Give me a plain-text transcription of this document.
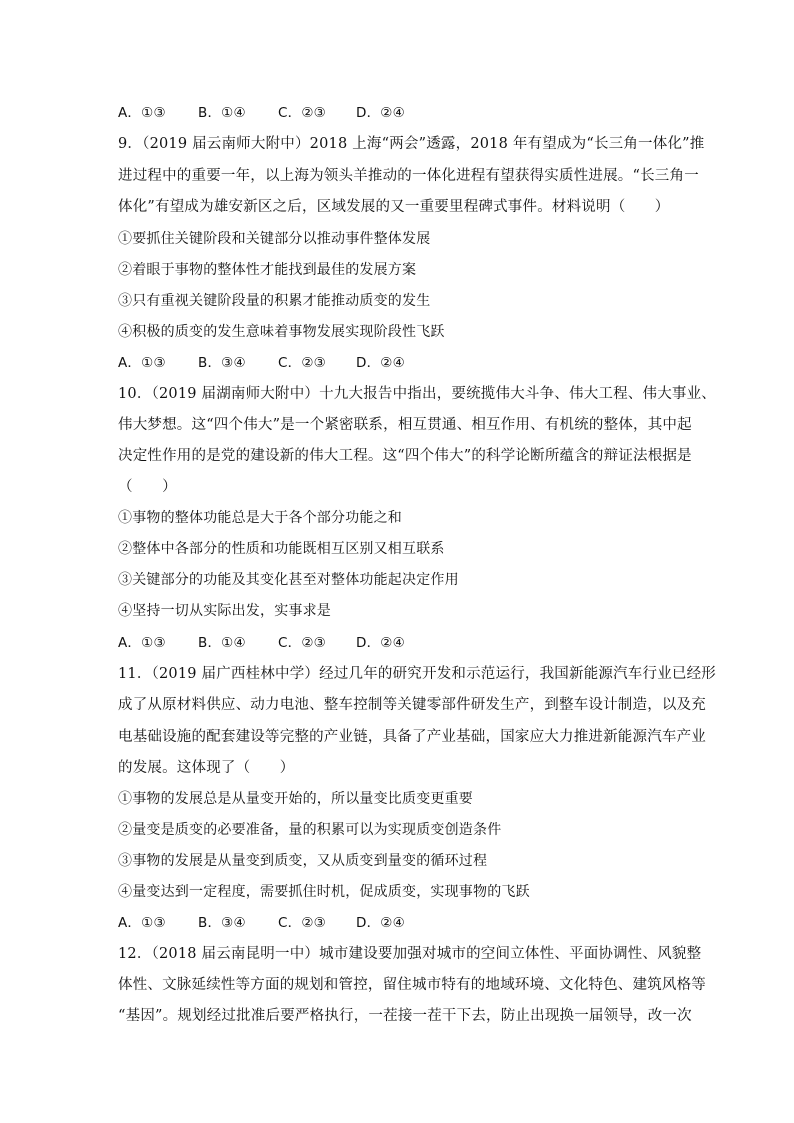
A．①③ B．①④ C．②③ D．②④
9．（2019 届云南师大附中）2018 上海“两会”透露，2018 年有望成为“长三角一体化”推
进过程中的重要一年，以上海为领头羊推动的一体化进程有望获得实质性进展。“长三角一
体化”有望成为雄安新区之后，区域发展的又一重要里程碑式事件。材料说明（　　）
①要抓住关键阶段和关键部分以推动事件整体发展
②着眼于事物的整体性才能找到最佳的发展方案
③只有重视关键阶段量的积累才能推动质变的发生
④积极的质变的发生意味着事物发展实现阶段性飞跃
A．①③ B．③④ C．②③ D．②④
10．（2019 届湖南师大附中）十九大报告中指出，要统揽伟大斗争、伟大工程、伟大事业、
伟大梦想。这“四个伟大”是一个紧密联系，相互贯通、相互作用、有机统的整体，其中起
决定性作用的是党的建设新的伟大工程。这“四个伟大”的科学论断所蕴含的辩证法根据是
（　　）
①事物的整体功能总是大于各个部分功能之和
②整体中各部分的性质和功能既相互区别又相互联系
③关键部分的功能及其变化甚至对整体功能起决定作用
④坚持一切从实际出发，实事求是
A．①③ B．①④ C．②③ D．②④
11．（2019 届广西桂林中学）经过几年的研究开发和示范运行，我国新能源汽车行业已经形
成了从原材料供应、动力电池、整车控制等关键零部件研发生产，到整车设计制造，以及充
电基础设施的配套建设等完整的产业链，具备了产业基础，国家应大力推进新能源汽车产业
的发展。这体现了（　　）
①事物的发展总是从量变开始的，所以量变比质变更重要
②量变是质变的必要准备，量的积累可以为实现质变创造条件
③事物的发展是从量变到质变，又从质变到量变的循环过程
④量变达到一定程度，需要抓住时机，促成质变，实现事物的飞跃
A．①③ B．③④ C．②③ D．②④
12．（2018 届云南昆明一中）城市建设要加强对城市的空间立体性、平面协调性、风貌整
体性、文脉延续性等方面的规划和管控，留住城市特有的地域环境、文化特色、建筑风格等
“基因”。规划经过批准后要严格执行，一茬接一茬干下去，防止出现换一届领导，改一次
